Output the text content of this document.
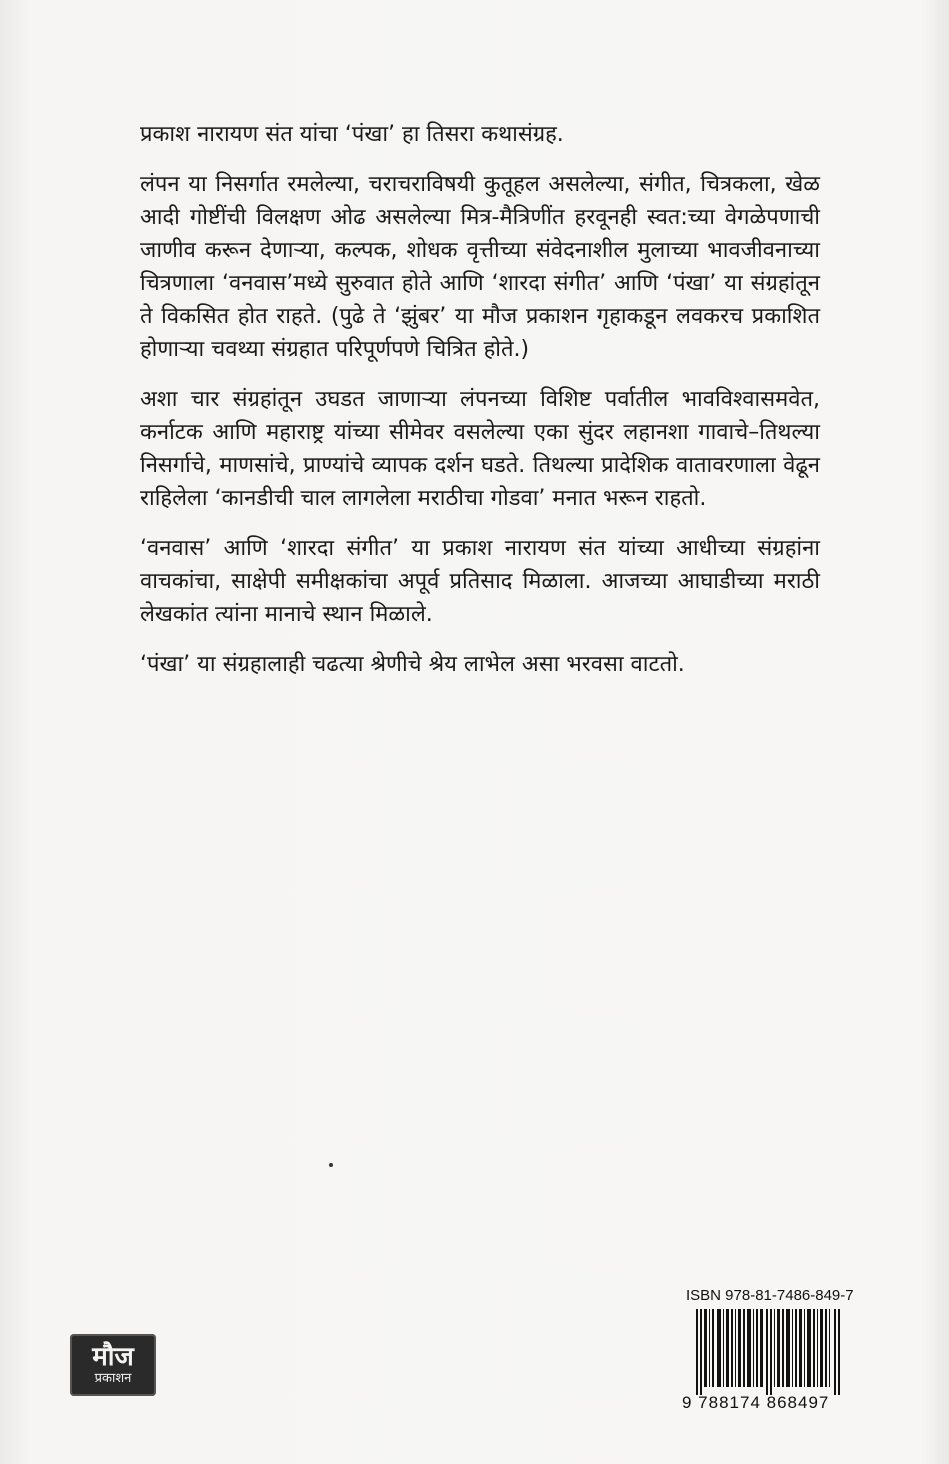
प्रकाश नारायण संत यांचा ‘पंखा’ हा तिसरा कथासंग्रह.

लंपन या निसर्गात रमलेल्या, चराचराविषयी कुतूहल असलेल्या, संगीत, चित्रकला, खेळ आदी गोष्टींची विलक्षण ओढ असलेल्या मित्र-मैत्रिणींत हरवूनही स्वत:च्या वेगळेपणाची जाणीव करून देणाऱ्या, कल्पक, शोधक वृत्तीच्या संवेदनाशील मुलाच्या भावजीवनाच्या चित्रणाला ‘वनवास’मध्ये सुरुवात होते आणि ‘शारदा संगीत’ आणि ‘पंखा’ या संग्रहांतून ते विकसित होत राहते. (पुढे ते ‘झुंबर’ या मौज प्रकाशन गृहाकडून लवकरच प्रकाशित होणाऱ्या चवथ्या संग्रहात परिपूर्णपणे चित्रित होते.)

अशा चार संग्रहांतून उघडत जाणाऱ्या लंपनच्या विशिष्ट पर्वातील भावविश्वासमवेत, कर्नाटक आणि महाराष्ट्र यांच्या सीमेवर वसलेल्या एका सुंदर लहानशा गावाचे–तिथल्या निसर्गाचे, माणसांचे, प्राण्यांचे व्यापक दर्शन घडते. तिथल्या प्रादेशिक वातावरणाला वेढून राहिलेला ‘कानडीची चाल लागलेला मराठीचा गोडवा’ मनात भरून राहतो.

‘वनवास’ आणि ‘शारदा संगीत’ या प्रकाश नारायण संत यांच्या आधीच्या संग्रहांना वाचकांचा, साक्षेपी समीक्षकांचा अपूर्व प्रतिसाद मिळाला. आजच्या आघाडीच्या मराठी लेखकांत त्यांना मानाचे स्थान मिळाले.

‘पंखा’ या संग्रहालाही चढत्या श्रेणीचे श्रेय लाभेल असा भरवसा वाटतो.

मौज
प्रकाशन
ISBN 978-81-7486-849-7
9 788174 868497
